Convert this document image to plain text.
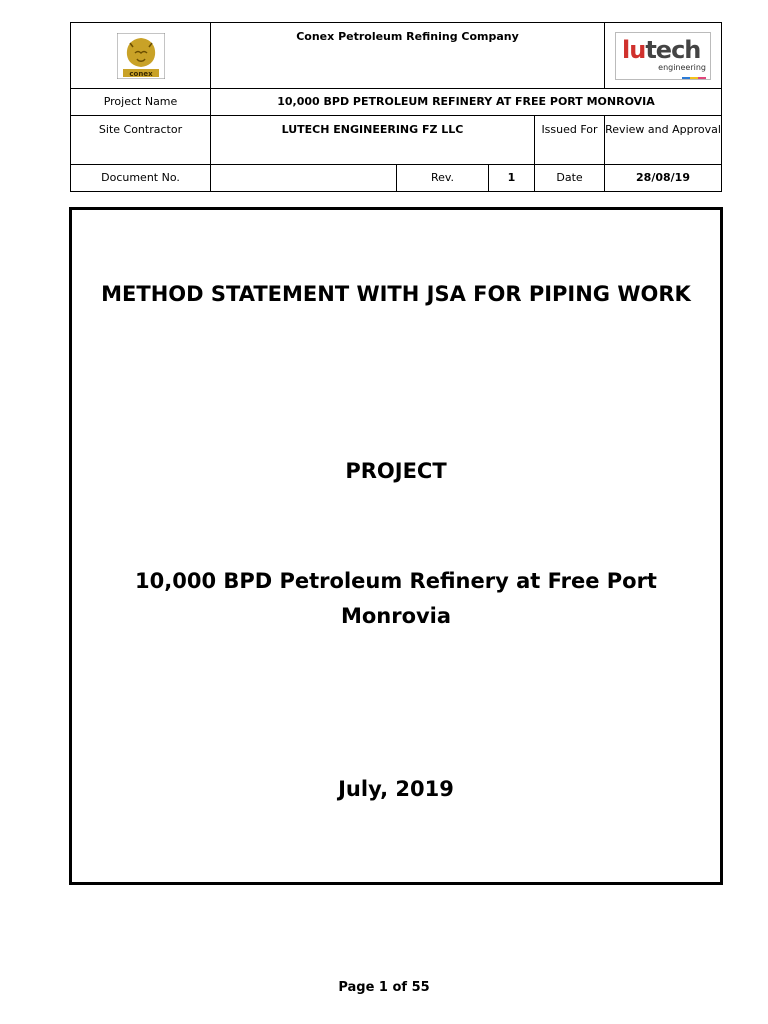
conex	Conex Petroleum Refining Company				lutech
engineering

Project Name	10,000 BPD PETROLEUM REFINERY AT FREE PORT MONROVIA				
Site Contractor	LUTECH ENGINEERING FZ LLC			Issued For	Review and Approval
Document No.		Rev.	1	Date	28/08/19
METHOD STATEMENT WITH JSA FOR PIPING WORK
PROJECT
10,000 BPD Petroleum Refinery at Free Port Monrovia
July, 2019
Page 1 of 55
